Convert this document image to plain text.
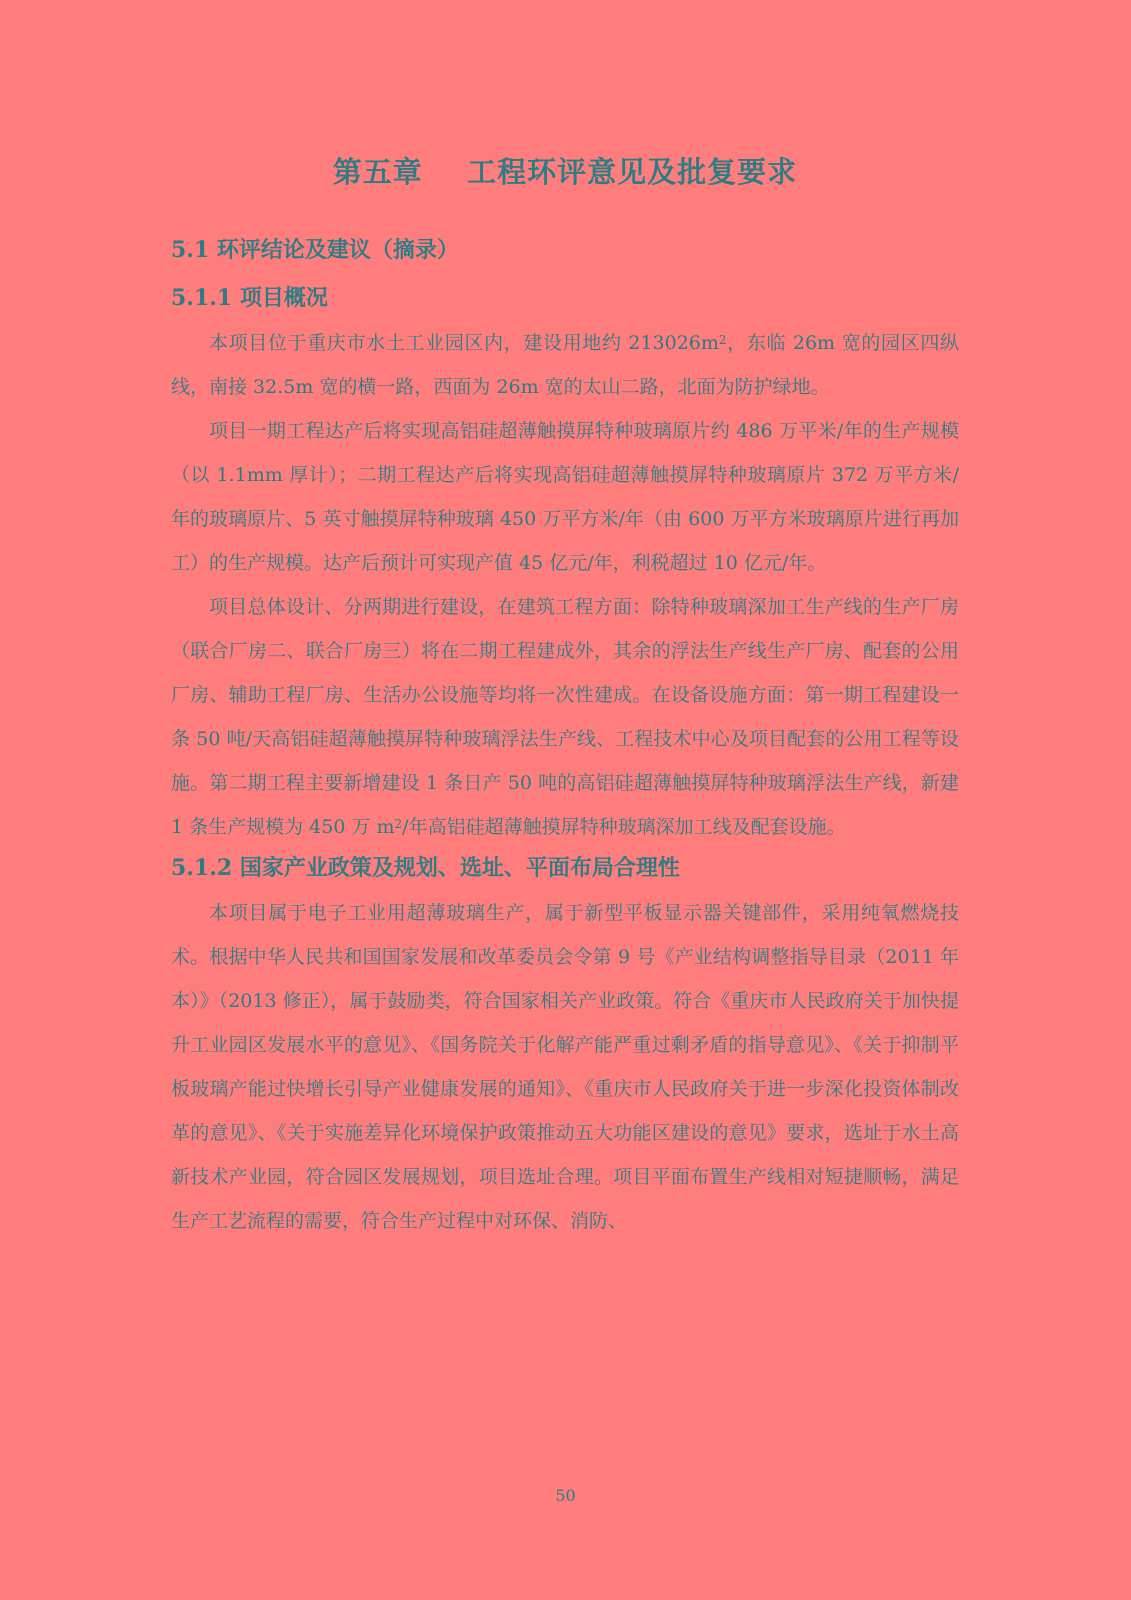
第五章    工程环评意见及批复要求
5.1 环评结论及建议（摘录）
5.1.1 项目概况

本项目位于重庆市水土工业园区内，建设用地约 $213026m^2$，东临 26m 宽的园区四纵线，南接 32.5m 宽的横一路，西面为 26m 宽的太山二路，北面为防护绿地。

项目一期工程达产后将实现高铝硅超薄触摸屏特种玻璃原片约 486 万平米/年的生产规模（以 1.1mm 厚计）；二期工程达产后将实现高铝硅超薄触摸屏特种玻璃原片 372 万平方米/年的玻璃原片、5 英寸触摸屏特种玻璃 450 万平方米/年（由 600 万平方米玻璃原片进行再加工）的生产规模。达产后预计可实现产值 45 亿元/年，利税超过 10 亿元/年。

项目总体设计、分两期进行建设，在建筑工程方面：除特种玻璃深加工生产线的生产厂房（联合厂房二、联合厂房三）将在二期工程建成外，其余的浮法生产线生产厂房、配套的公用厂房、辅助工程厂房、生活办公设施等均将一次性建成。在设备设施方面：第一期工程建设一条 50 吨/天高铝硅超薄触摸屏特种玻璃浮法生产线、工程技术中心及项目配套的公用工程等设施。第二期工程主要新增建设 1 条日产 50 吨的高铝硅超薄触摸屏特种玻璃浮法生产线，新建 1 条生产规模为 450 万 $m^2/$年高铝硅超薄触摸屏特种玻璃深加工线及配套设施。

5.1.2 国家产业政策及规划、选址、平面布局合理性

本项目属于电子工业用超薄玻璃生产，属于新型平板显示器关键部件，采用纯氧燃烧技术。根据中华人民共和国国家发展和改革委员会令第 9 号《产业结构调整指导目录（2011 年本）》（2013 修正），属于鼓励类，符合国家相关产业政策。符合《重庆市人民政府关于加快提升工业园区发展水平的意见》、《国务院关于化解产能严重过剩矛盾的指导意见》、《关于抑制平板玻璃产能过快增长引导产业健康发展的通知》、《重庆市人民政府关于进一步深化投资体制改革的意见》、《关于实施差异化环境保护政策推动五大功能区建设的意见》要求，选址于水土高新技术产业园，符合园区发展规划，项目选址合理。项目平面布置生产线相对短捷顺畅，满足生产工艺流程的需要，符合生产过程中对环保、消防、

50
